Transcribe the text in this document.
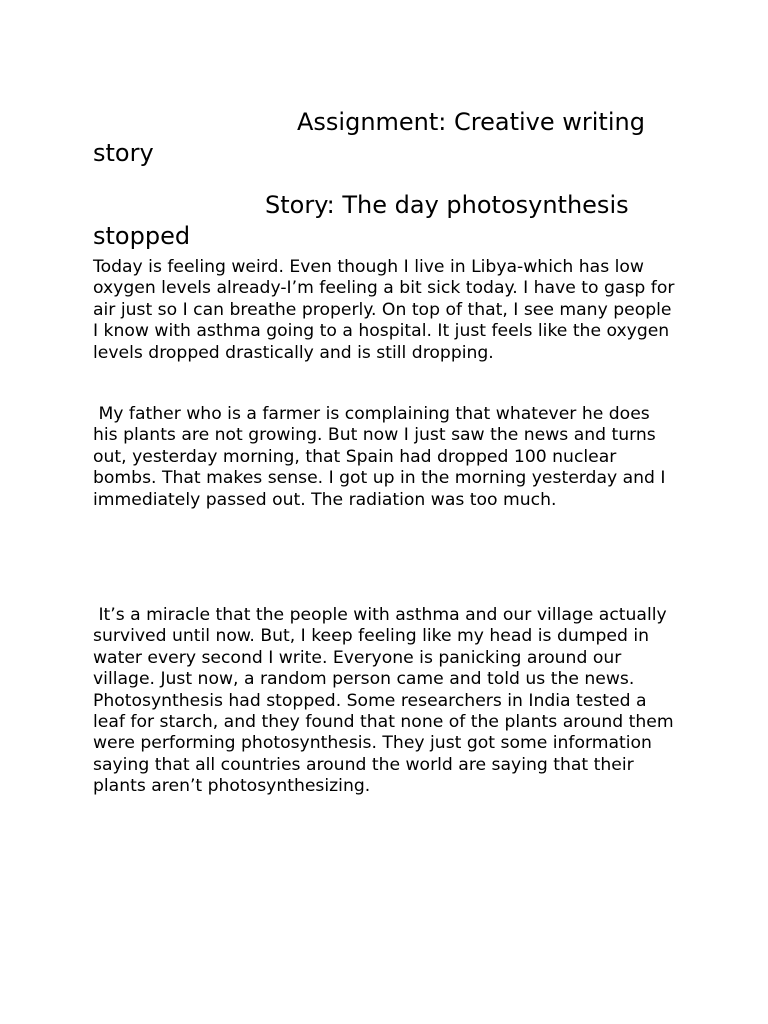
Assignment: Creative writing story
Story: The day photosynthesis stopped

Today is feeling weird. Even though I live in Libya-which has low oxygen levels already-I’m feeling a bit sick today. I have to gasp for air just so I can breathe properly. On top of that, I see many people I know with asthma going to a hospital. It just feels like the oxygen levels dropped drastically and is still dropping.

My father who is a farmer is complaining that whatever he does his plants are not growing. But now I just saw the news and turns out, yesterday morning, that Spain had dropped 100 nuclear bombs. That makes sense. I got up in the morning yesterday and I immediately passed out. The radiation was too much.

It’s a miracle that the people with asthma and our village actually survived until now. But, I keep feeling like my head is dumped in water every second I write. Everyone is panicking around our village. Just now, a random person came and told us the news. Photosynthesis had stopped. Some researchers in India tested a leaf for starch, and they found that none of the plants around them were performing photosynthesis. They just got some information saying that all countries around the world are saying that their plants aren’t photosynthesizing.
